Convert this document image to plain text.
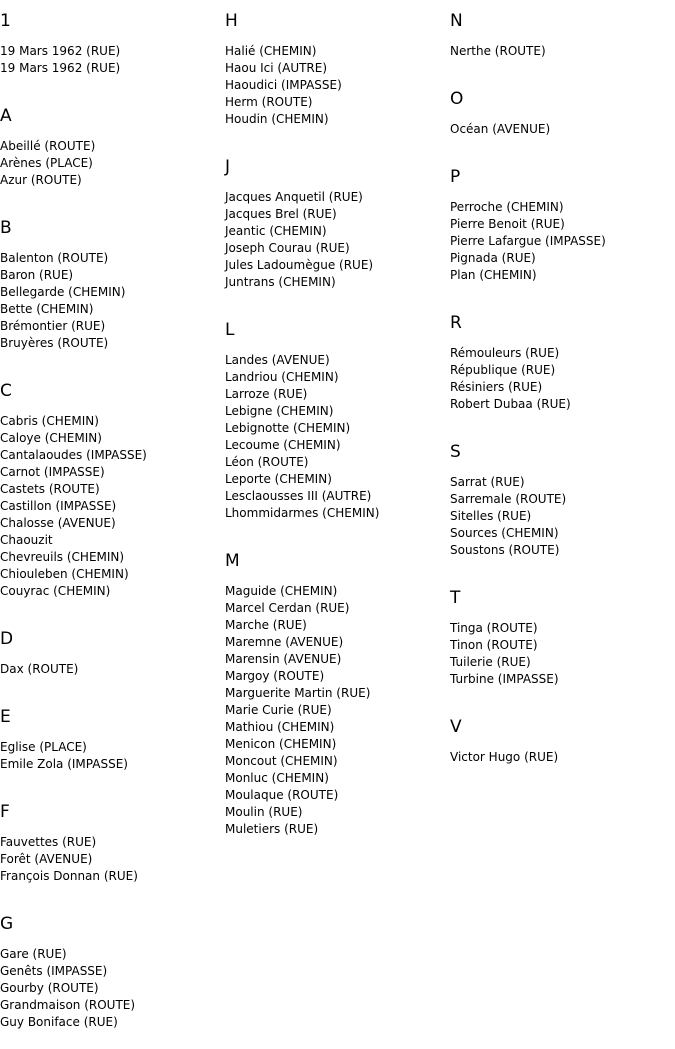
1
19 Mars 1962 (RUE)
19 Mars 1962 (RUE)
A
Abeillé (ROUTE)
Arènes (PLACE)
Azur (ROUTE)
B
Balenton (ROUTE)
Baron (RUE)
Bellegarde (CHEMIN)
Bette (CHEMIN)
Brémontier (RUE)
Bruyères (ROUTE)
C
Cabris (CHEMIN)
Caloye (CHEMIN)
Cantalaoudes (IMPASSE)
Carnot (IMPASSE)
Castets (ROUTE)
Castillon (IMPASSE)
Chalosse (AVENUE)
Chaouzit
Chevreuils (CHEMIN)
Chiouleben (CHEMIN)
Couyrac (CHEMIN)
D
Dax (ROUTE)
E
Eglise (PLACE)
Emile Zola (IMPASSE)
F
Fauvettes (RUE)
Forêt (AVENUE)
François Donnan (RUE)
G
Gare (RUE)
Genêts (IMPASSE)
Gourby (ROUTE)
Grandmaison (ROUTE)
Guy Boniface (RUE)
H
Halié (CHEMIN)
Haou Ici (AUTRE)
Haoudici (IMPASSE)
Herm (ROUTE)
Houdin (CHEMIN)
J
Jacques Anquetil (RUE)
Jacques Brel (RUE)
Jeantic (CHEMIN)
Joseph Courau (RUE)
Jules Ladoumègue (RUE)
Juntrans (CHEMIN)
L
Landes (AVENUE)
Landriou (CHEMIN)
Larroze (RUE)
Lebigne (CHEMIN)
Lebignotte (CHEMIN)
Lecoume (CHEMIN)
Léon (ROUTE)
Leporte (CHEMIN)
Lesclaousses III (AUTRE)
Lhommidarmes (CHEMIN)
M
Maguide (CHEMIN)
Marcel Cerdan (RUE)
Marche (RUE)
Maremne (AVENUE)
Marensin (AVENUE)
Margoy (ROUTE)
Marguerite Martin (RUE)
Marie Curie (RUE)
Mathiou (CHEMIN)
Menicon (CHEMIN)
Moncout (CHEMIN)
Monluc (CHEMIN)
Moulaque (ROUTE)
Moulin (RUE)
Muletiers (RUE)
N
Nerthe (ROUTE)
O
Océan (AVENUE)
P
Perroche (CHEMIN)
Pierre Benoit (RUE)
Pierre Lafargue (IMPASSE)
Pignada (RUE)
Plan (CHEMIN)
R
Rémouleurs (RUE)
République (RUE)
Résiniers (RUE)
Robert Dubaa (RUE)
S
Sarrat (RUE)
Sarremale (ROUTE)
Sitelles (RUE)
Sources (CHEMIN)
Soustons (ROUTE)
T
Tinga (ROUTE)
Tinon (ROUTE)
Tuilerie (RUE)
Turbine (IMPASSE)
V
Victor Hugo (RUE)
